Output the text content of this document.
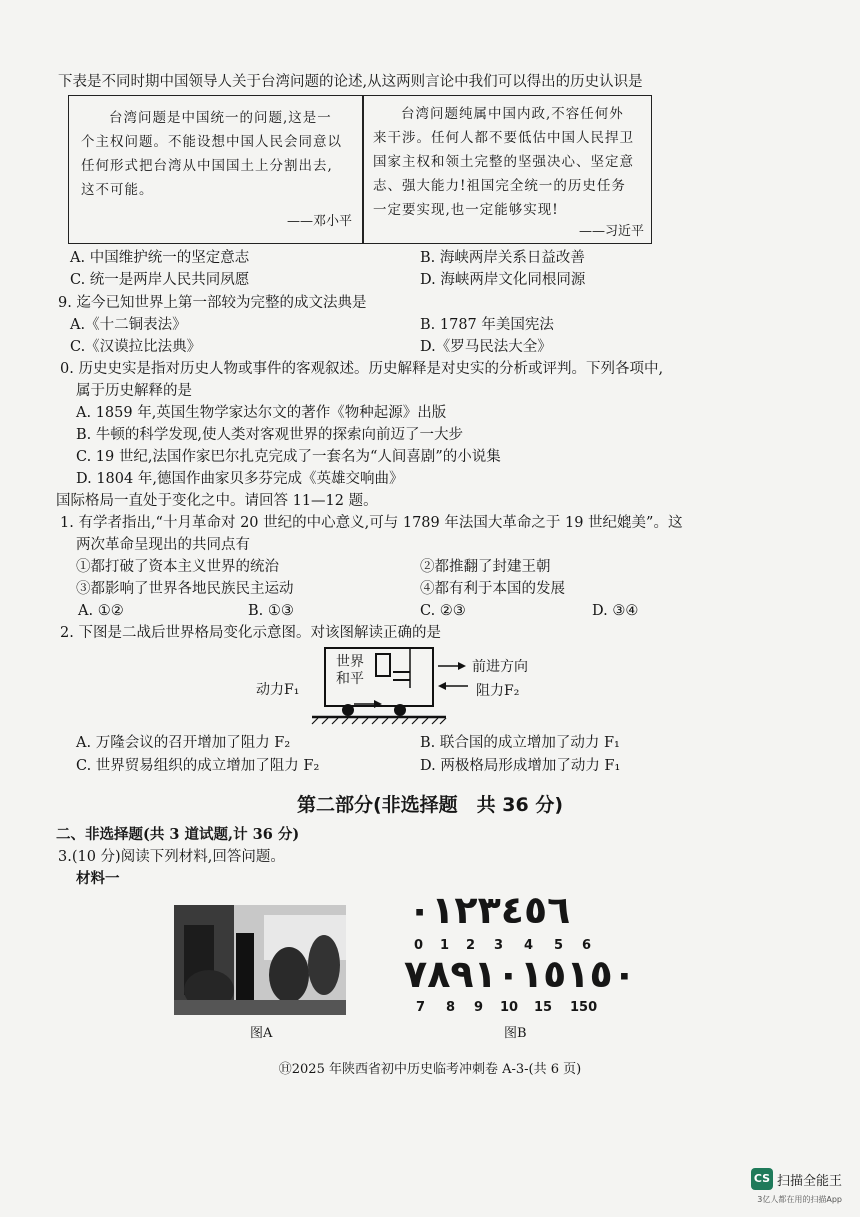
下表是不同时期中国领导人关于台湾问题的论述,从这两则言论中我们可以得出的历史认识是
台湾问题是中国统一的问题,这是一
个主权问题。不能设想中国人民会同意以
任何形式把台湾从中国国土上分割出去,
这不可能。
——邓小平
台湾问题纯属中国内政,不容任何外
来干涉。任何人都不要低估中国人民捍卫
国家主权和领土完整的坚强决心、坚定意
志、强大能力!祖国完全统一的历史任务
一定要实现,也一定能够实现!
——习近平
A. 中国维护统一的坚定意志	B. 海峡两岸关系日益改善
C. 统一是两岸人民共同夙愿	D. 海峡两岸文化同根同源
9. 迄今已知世界上第一部较为完整的成文法典是
A.《十二铜表法》	B. 1787 年美国宪法
C.《汉谟拉比法典》	D.《罗马民法大全》
0. 历史史实是指对历史人物或事件的客观叙述。历史解释是对史实的分析或评判。下列各项中,
属于历史解释的是
A. 1859 年,英国生物学家达尔文的著作《物种起源》出版
B. 牛顿的科学发现,使人类对客观世界的探索向前迈了一大步
C. 19 世纪,法国作家巴尔扎克完成了一套名为“人间喜剧”的小说集
D. 1804 年,德国作曲家贝多芬完成《英雄交响曲》
国际格局一直处于变化之中。请回答 11—12 题。
1. 有学者指出,“十月革命对 20 世纪的中心意义,可与 1789 年法国大革命之于 19 世纪媲美”。这
两次革命呈现出的共同点有
①都打破了资本主义世界的统治	②都推翻了封建王朝
③都影响了世界各地民族民主运动	④都有利于本国的发展
A. ①②	B. ①③	C. ②③	D. ③④
2. 下图是二战后世界格局变化示意图。对该图解读正确的是
世界
和平
动力F₁
前进方向
阻力F₂
A. 万隆会议的召开增加了阻力 F₂	B. 联合国的成立增加了动力 F₁
C. 世界贸易组织的成立增加了阻力 F₂	D. 两极格局形成增加了动力 F₁
第二部分(非选择题　共 36 分)
二、非选择题(共 3 道试题,计 36 分)
3.(10 分)阅读下列材料,回答问题。
材料一
图A
٠١٢٣٤٥٦
0 1 2 3 4 5 6
٧٨٩١٠١٥١٥٠
7 8 9 10 15 150
图B
Ⓗ2025 年陕西省初中历史临考冲刺卷 A-3-(共 6 页)
CS 扫描全能王
3亿人都在用的扫描App
